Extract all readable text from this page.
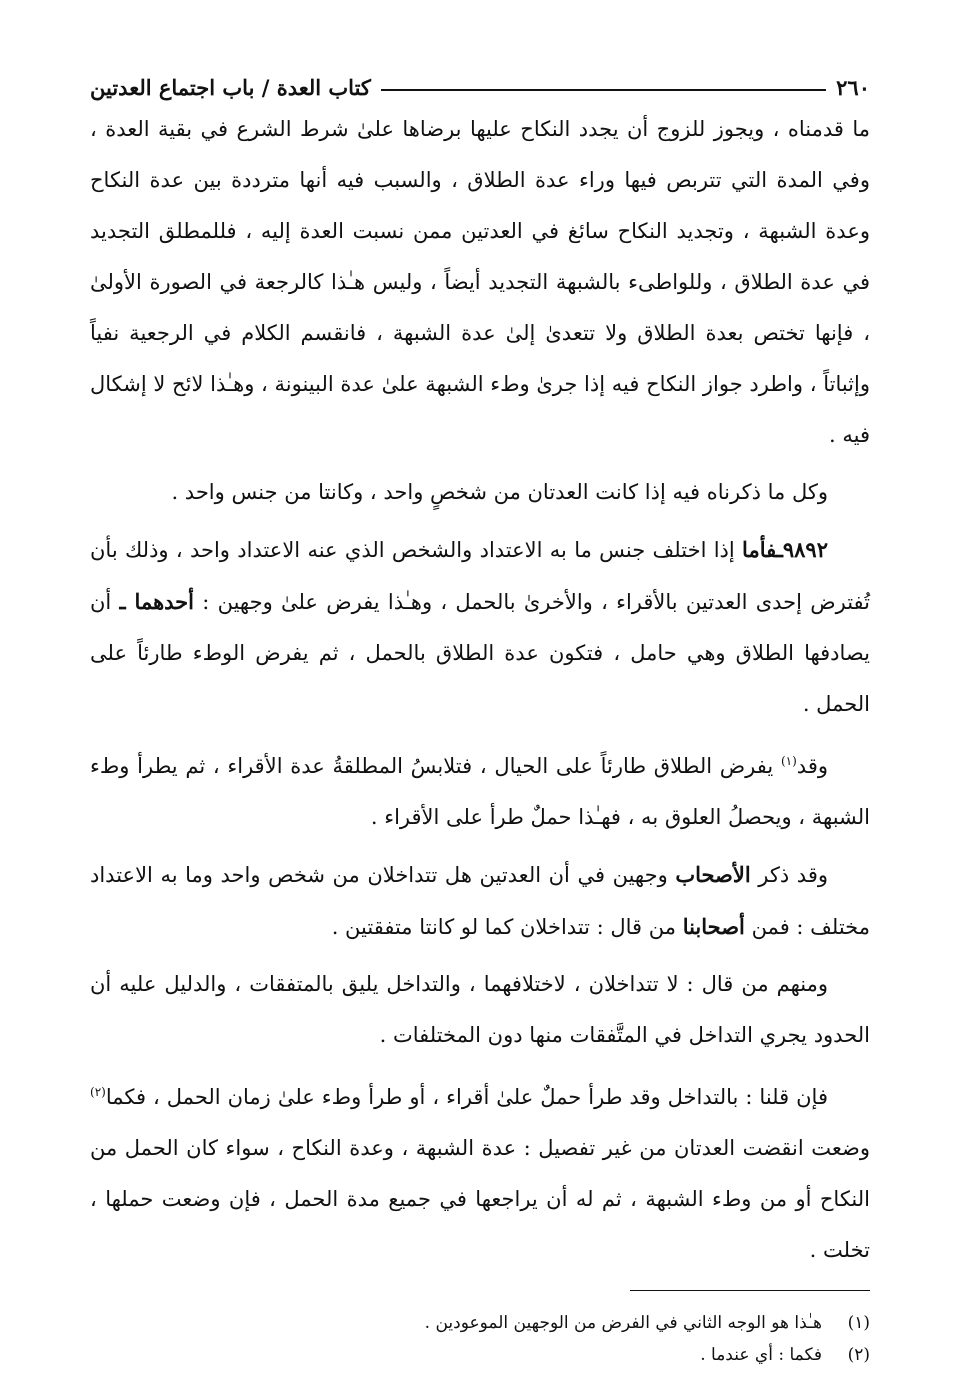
٢٦٠
كتاب العدة / باب اجتماع العدتين

ما قدمناه ، ويجوز للزوج أن يجدد النكاح عليها برضاها علىٰ شرط الشرع في بقية العدة ، وفي المدة التي تتربص فيها وراء عدة الطلاق ، والسبب فيه أنها مترددة بين عدة النكاح وعدة الشبهة ، وتجديد النكاح سائغ في العدتين ممن نسبت العدة إليه ، فللمطلق التجديد في عدة الطلاق ، وللواطىء بالشبهة التجديد أيضاً ، وليس هـٰذا كالرجعة في الصورة الأولىٰ ، فإنها تختص بعدة الطلاق ولا تتعدىٰ إلىٰ عدة الشبهة ، فانقسم الكلام في الرجعية نفياً وإثباتاً ، واطرد جواز النكاح فيه إذا جرىٰ وطء الشبهة علىٰ عدة البينونة ، وهـٰذا لائح لا إشكال فيه .

وكل ما ذكرناه فيه إذا كانت العدتان من شخصٍ واحد ، وكانتا من جنس واحد .

٩٨٩٢ـفأما إذا اختلف جنس ما به الاعتداد والشخص الذي عنه الاعتداد واحد ، وذلك بأن تُفترض إحدى العدتين بالأقراء ، والأخرىٰ بالحمل ، وهـٰذا يفرض علىٰ وجهين : أحدهما ـ أن يصادفها الطلاق وهي حامل ، فتكون عدة الطلاق بالحمل ، ثم يفرض الوطء طارئاً على الحمل .

وقد$^{(١)}$ يفرض الطلاق طارئاً على الحيال ، فتلابسُ المطلقةُ عدة الأقراء ، ثم يطرأ وطء الشبهة ، ويحصلُ العلوق به ، فهـٰذا حملٌ طرأ على الأقراء .

وقد ذكر الأصحاب وجهين في أن العدتين هل تتداخلان من شخص واحد وما به الاعتداد مختلف : فمن أصحابنا من قال : تتداخلان كما لو كانتا متفقتين .

ومنهم من قال : لا تتداخلان ، لاختلافهما ، والتداخل يليق بالمتفقات ، والدليل عليه أن الحدود يجري التداخل في المتَّفقات منها دون المختلفات .

فإن قلنا : بالتداخل وقد طرأ حملٌ علىٰ أقراء ، أو طرأ وطء علىٰ زمان الحمل ، فكما$^{(٢)}$ وضعت انقضت العدتان من غير تفصيل : عدة الشبهة ، وعدة النكاح ، سواء كان الحمل من النكاح أو من وطء الشبهة ، ثم له أن يراجعها في جميع مدة الحمل ، فإن وضعت حملها ، تخلت .

(١)
هـٰذا هو الوجه الثاني في الفرض من الوجهين الموعودين .
(٢)
فكما : أي عندما .
